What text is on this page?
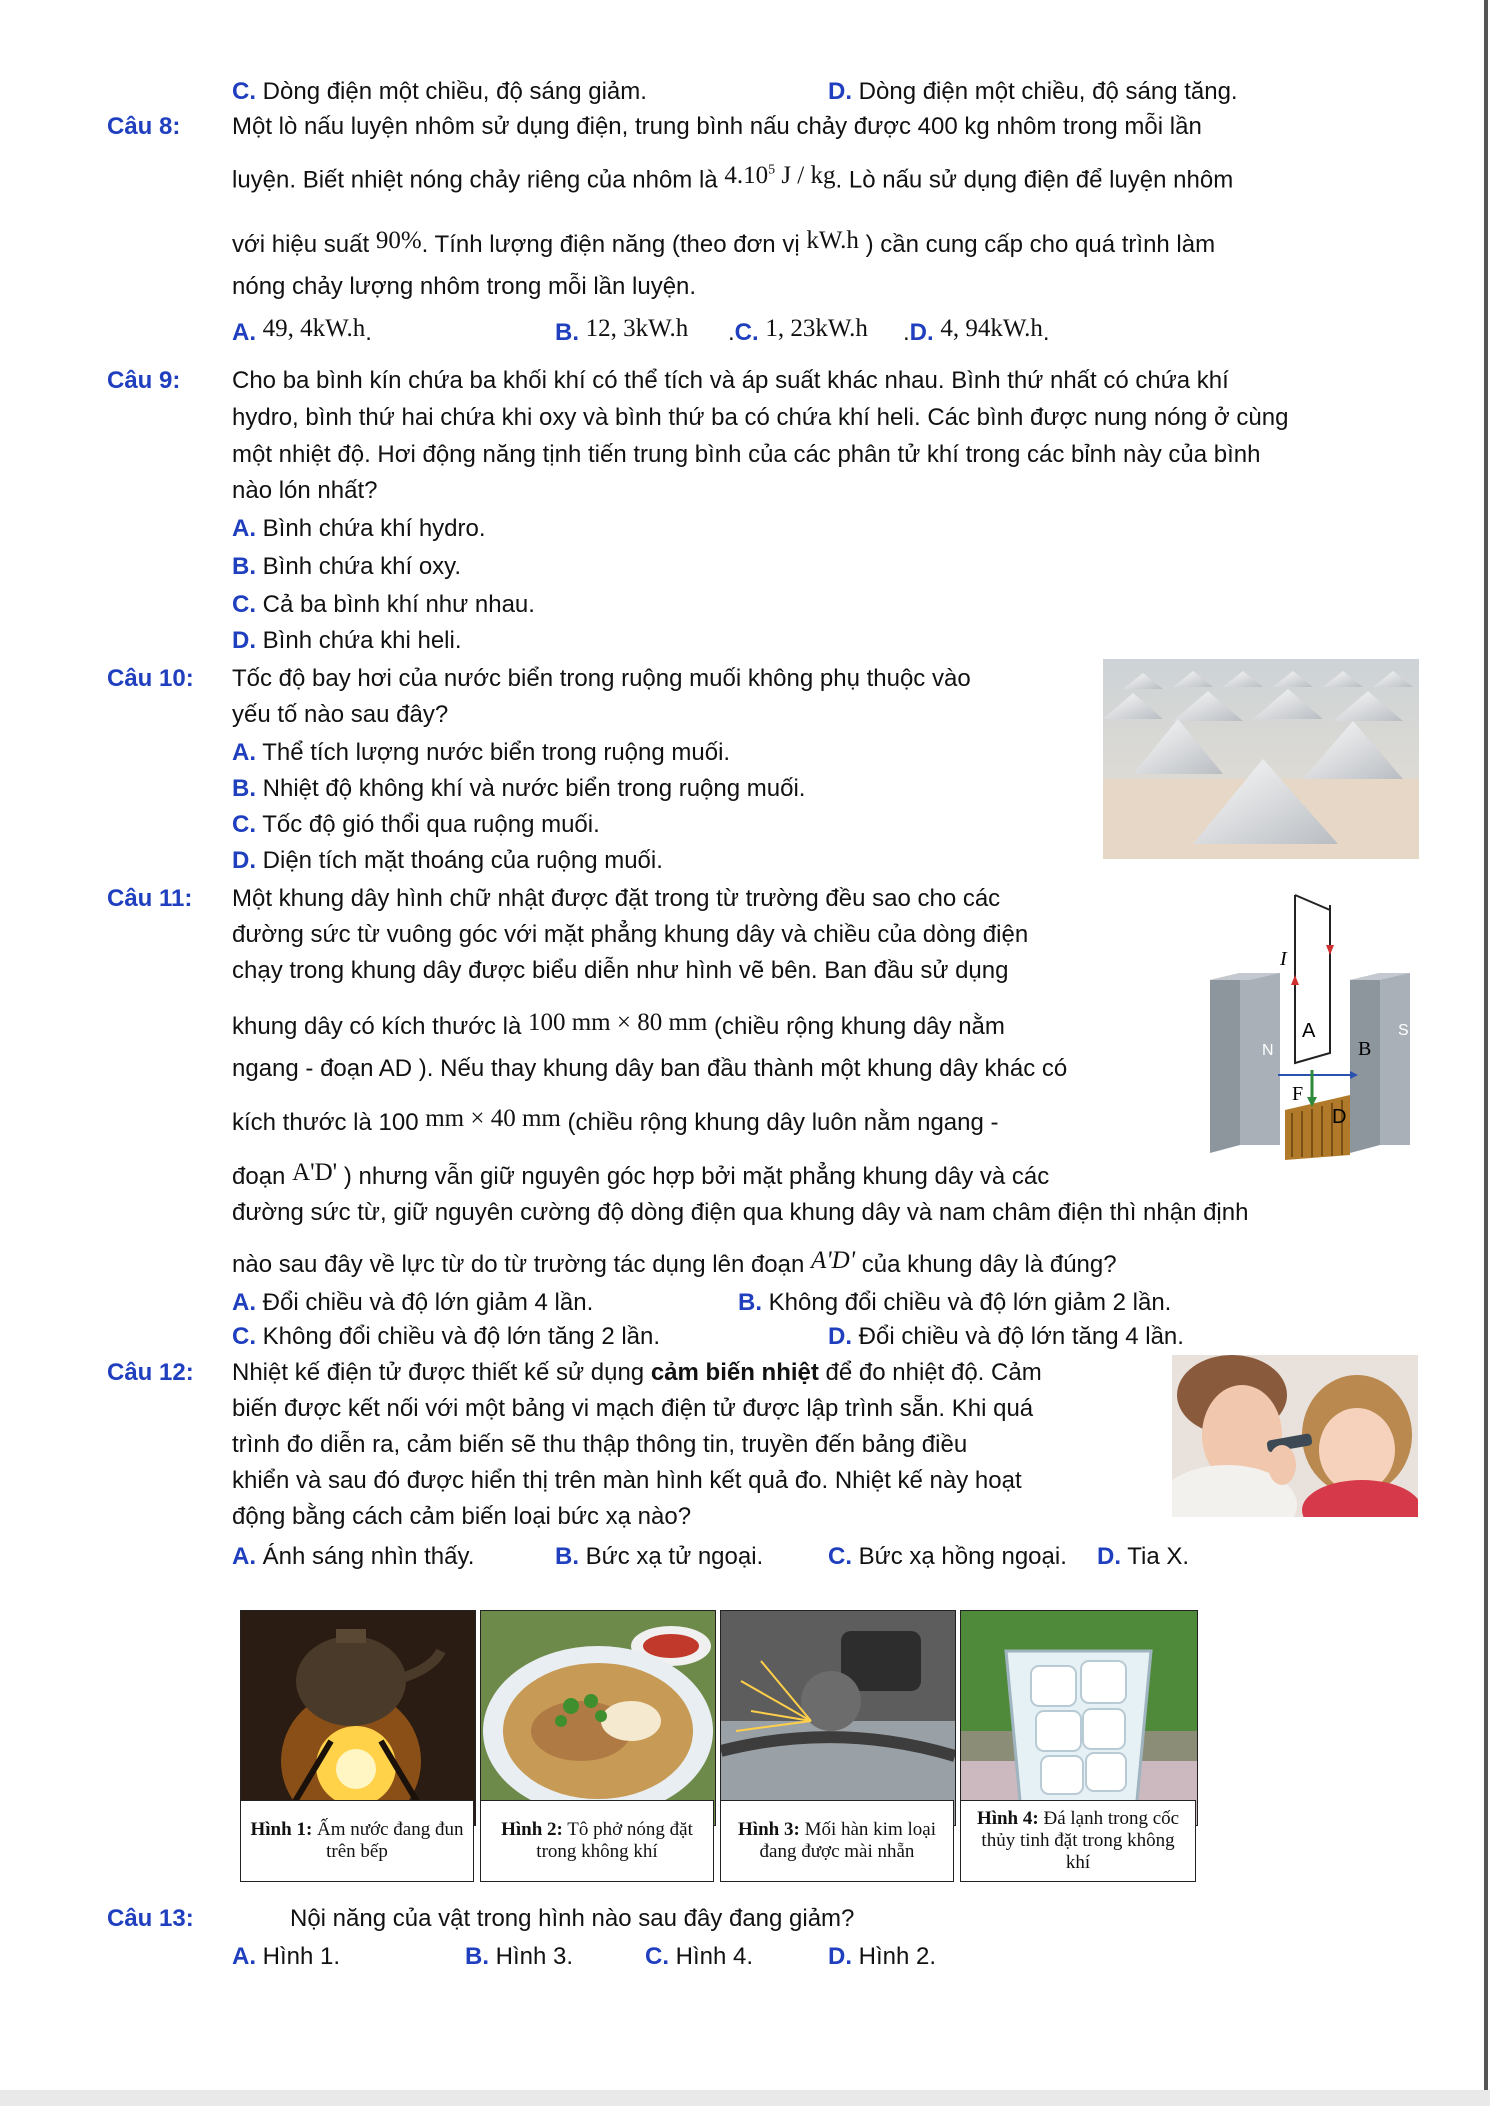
C. Dòng điện một chiều, độ sáng giảm.	D. Dòng điện một chiều, độ sáng tăng.
Câu 8: Một lò nấu luyện nhôm sử dụng điện, trung bình nấu chảy được 400 kg nhôm trong mỗi lần
luyện. Biết nhiệt nóng chảy riêng của nhôm là 4.10$^5$ J / kg. Lò nấu sử dụng điện để luyện nhôm
với hiệu suất 90%. Tính lượng điện năng (theo đơn vị kW.h ) cần cung cấp cho quá trình làm
nóng chảy lượng nhôm trong mỗi lần luyện.
A. 49, 4kW.h.	B. 12, 3kW.h .C. 1, 23kW.h .D. 4, 94kW.h.
Câu 9: Cho ba bình kín chứa ba khối khí có thể tích và áp suất khác nhau. Bình thứ nhất có chứa khí
hydro, bình thứ hai chứa khi oxy và bình thứ ba có chứa khí heli. Các bình được nung nóng ở cùng
một nhiệt độ. Hơi động năng tịnh tiến trung bình của các phân tử khí trong các bỉnh này của bình
nào lón nhất?
A. Bình chứa khí hydro.
B. Bình chứa khí oxy.
C. Cả ba bình khí như nhau.
D. Bình chứa khi heli.
Câu 10: Tốc độ bay hơi của nước biển trong ruộng muối không phụ thuộc vào
yếu tố nào sau đây?
A. Thể tích lượng nước biển trong ruộng muối.
B. Nhiệt độ không khí và nước biển trong ruộng muối.
C. Tốc độ gió thổi qua ruộng muối.
D. Diện tích mặt thoáng của ruộng muối.
Câu 11: Một khung dây hình chữ nhật được đặt trong từ trường đều sao cho các
đường sức từ vuông góc với mặt phẳng khung dây và chiều của dòng điện
chạy trong khung dây được biểu diễn như hình vẽ bên. Ban đầu sử dụng
khung dây có kích thước là 100 mm × 80 mm (chiều rộng khung dây nằm
ngang - đoạn AD ). Nếu thay khung dây ban đầu thành một khung dây khác có
kích thước là 100 mm × 40 mm (chiều rộng khung dây luôn nằm ngang -
đoạn A'D' ) nhưng vẫn giữ nguyên góc hợp bởi mặt phẳng khung dây và các
đường sức từ, giữ nguyên cường độ dòng điện qua khung dây và nam châm điện thì nhận định
nào sau đây về lực từ do từ trường tác dụng lên đoạn A'D' của khung dây là đúng?
A. Đổi chiều và độ lớn giảm 4 lần.	B. Không đổi chiều và độ lớn giảm 2 lần.
C. Không đổi chiều và độ lớn tăng 2 lần.	D. Đổi chiều và độ lớn tăng 4 lần.
I
N
S
A
B
F
D
Câu 12: Nhiệt kế điện tử được thiết kế sử dụng cảm biến nhiệt để đo nhiệt độ. Cảm
biến được kết nối với một bảng vi mạch điện tử được lập trình sẵn. Khi quá
trình đo diễn ra, cảm biến sẽ thu thập thông tin, truyền đến bảng điều
khiển và sau đó được hiển thị trên màn hình kết quả đo. Nhiệt kế này hoạt
động bằng cách cảm biến loại bức xạ nào?
A. Ánh sáng nhìn thấy.	B. Bức xạ tử ngoại.	C. Bức xạ hồng ngoại. D. Tia X.
Hình 1: Ấm nước đang đun trên bếp
Hình 2: Tô phở nóng đặt trong không khí
Hình 3: Mối hàn kim loại đang được mài nhẵn
Hình 4: Đá lạnh trong cốc thủy tinh đặt trong không khí
Câu 13:	Nội năng của vật trong hình nào sau đây đang giảm?
A. Hình 1.	B. Hình 3.	C. Hình 4.	D. Hình 2.
